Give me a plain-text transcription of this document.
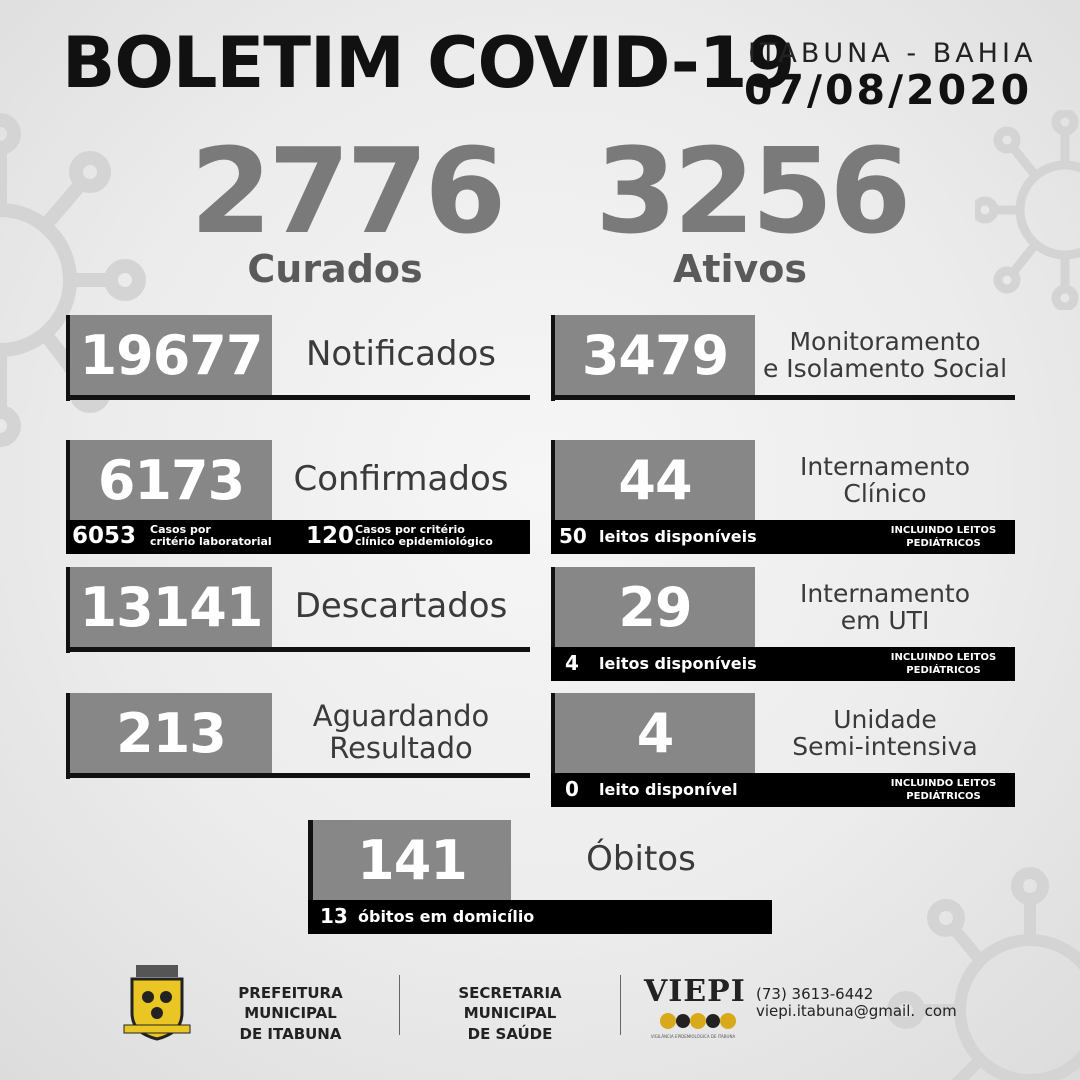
BOLETIM COVID-19
ITABUNA - BAHIA
07/08/2020
2776
Curados
3256
Ativos
19677	Notificados
6173	Confirmados
6053 Casos por
critério laboratorial 120 Casos por critério
clínico epidemiológico
13141 Descartados
213	Aguardando
Resultado
3479	Monitoramento
e Isolamento Social
44	Internamento
Clínico
50 leitos disponíveis	INCLUINDO LEITOS
PEDIÁTRICOS
29	Internamento
em UTI
4 leitos disponíveis	INCLUINDO LEITOS
PEDIÁTRICOS
4	Unidade
Semi-intensiva
0 leito disponível	INCLUINDO LEITOS
PEDIÁTRICOS
141	Óbitos
13 óbitos em domicílio
PREFEITURA MUNICIPAL
DE ITABUNA
SECRETARIA MUNICIPAL
DE SAÚDE
VIEPI
VIGILÂNCIA EPIDEMIOLÓGICA DE ITABUNA
(73) 3613-6442
viepi.itabuna@gmail.  com
